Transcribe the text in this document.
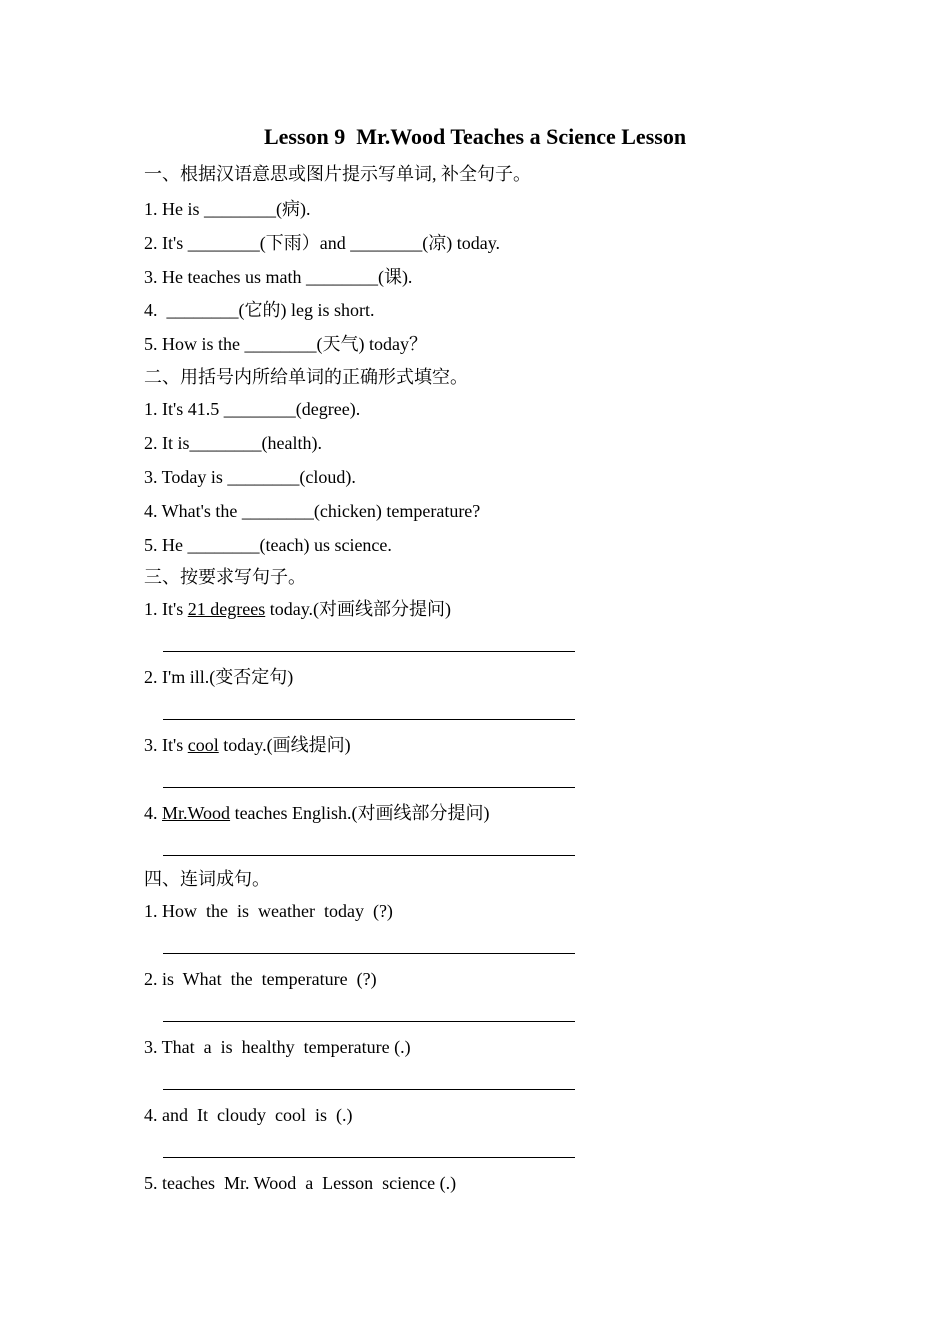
Lesson 9  Mr.Wood Teaches a Science Lesson
一、根据汉语意思或图片提示写单词, 补全句子。
1. He is ________(病).
2. It's ________(下雨）and ________(凉) today.
3. He teaches us math ________(课).
4.  ________(它的) leg is short.
5. How is the ________(天气) today？
二、用括号内所给单词的正确形式填空。
1. It's 41.5 ________(degree).
2. It is________(health).
3. Today is ________(cloud).
4. What's the ________(chicken) temperature?
5. He ________(teach) us science.
三、按要求写句子。
1. It's 21 degrees today.(对画线部分提问)
2. I'm ill.(变否定句)
3. It's cool today.(画线提问)
4. Mr.Wood teaches English.(对画线部分提问)
四、连词成句。
1. How  the  is  weather  today  (?)
2. is  What  the  temperature  (?)
3. That  a  is  healthy  temperature (.)
4. and  It  cloudy  cool  is  (.)
5. teaches  Mr. Wood  a  Lesson  science (.)
